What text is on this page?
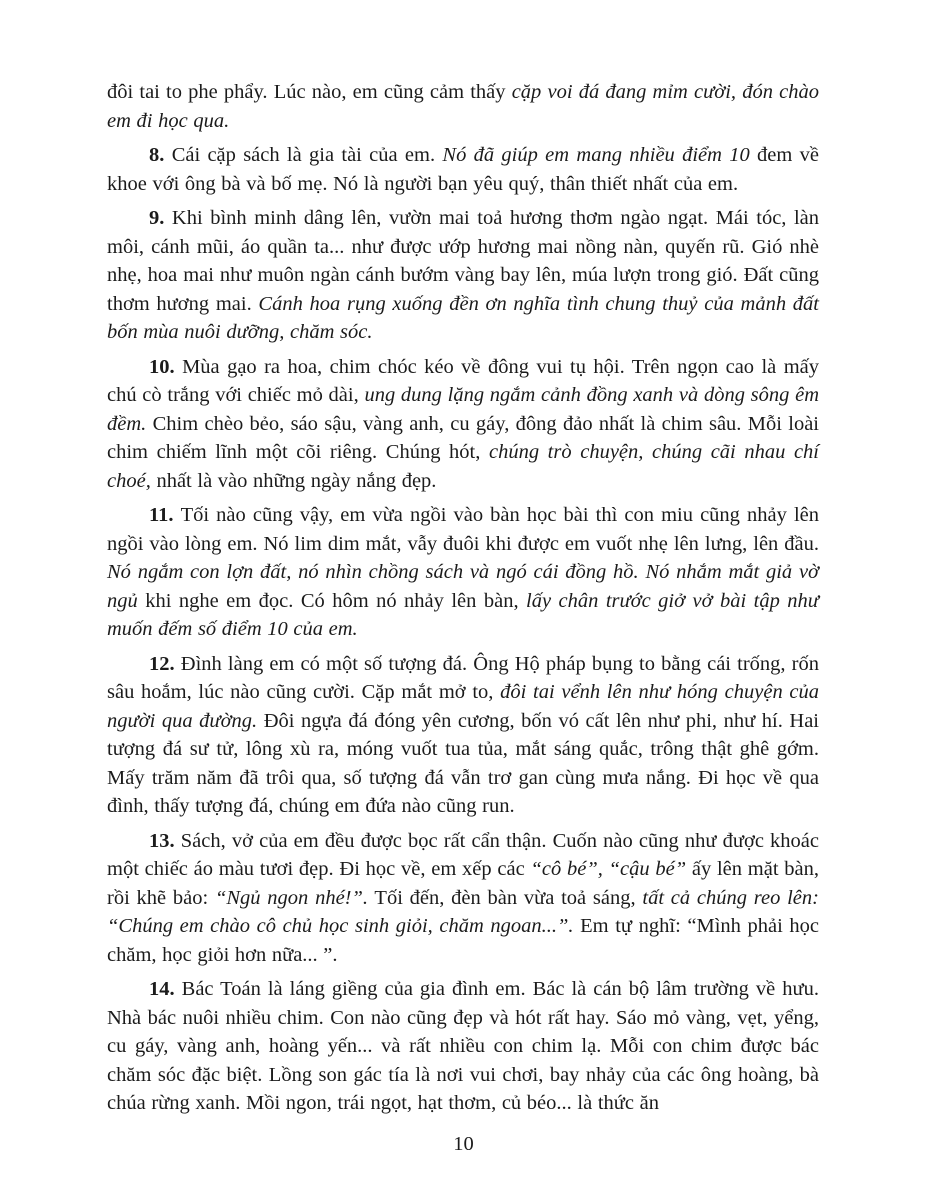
đôi tai to phe phẩy. Lúc nào, em cũng cảm thấy cặp voi đá đang mỉm cười, đón chào em đi học qua.

8. Cái cặp sách là gia tài của em. Nó đã giúp em mang nhiều điểm 10 đem về khoe với ông bà và bố mẹ. Nó là người bạn yêu quý, thân thiết nhất của em.

9. Khi bình minh dâng lên, vườn mai toả hương thơm ngào ngạt. Mái tóc, làn môi, cánh mũi, áo quần ta... như được ướp hương mai nồng nàn, quyến rũ. Gió nhè nhẹ, hoa mai như muôn ngàn cánh bướm vàng bay lên, múa lượn trong gió. Đất cũng thơm hương mai. Cánh hoa rụng xuống đền ơn nghĩa tình chung thuỷ của mảnh đất bốn mùa nuôi dưỡng, chăm sóc.

10. Mùa gạo ra hoa, chim chóc kéo về đông vui tụ hội. Trên ngọn cao là mấy chú cò trắng với chiếc mỏ dài, ung dung lặng ngắm cảnh đồng xanh và dòng sông êm đềm. Chim chèo bẻo, sáo sậu, vàng anh, cu gáy, đông đảo nhất là chim sâu. Mỗi loài chim chiếm lĩnh một cõi riêng. Chúng hót, chúng trò chuyện, chúng cãi nhau chí choé, nhất là vào những ngày nắng đẹp.

11. Tối nào cũng vậy, em vừa ngồi vào bàn học bài thì con miu cũng nhảy lên ngồi vào lòng em. Nó lim dim mắt, vẫy đuôi khi được em vuốt nhẹ lên lưng, lên đầu. Nó ngắm con lợn đất, nó nhìn chồng sách và ngó cái đồng hồ. Nó nhắm mắt giả vờ ngủ khi nghe em đọc. Có hôm nó nhảy lên bàn, lấy chân trước giở vở bài tập như muốn đếm số điểm 10 của em.

12. Đình làng em có một số tượng đá. Ông Hộ pháp bụng to bằng cái trống, rốn sâu hoắm, lúc nào cũng cười. Cặp mắt mở to, đôi tai vểnh lên như hóng chuyện của người qua đường. Đôi ngựa đá đóng yên cương, bốn vó cất lên như phi, như hí. Hai tượng đá sư tử, lông xù ra, móng vuốt tua tủa, mắt sáng quắc, trông thật ghê gớm. Mấy trăm năm đã trôi qua, số tượng đá vẫn trơ gan cùng mưa nắng. Đi học về qua đình, thấy tượng đá, chúng em đứa nào cũng run.

13. Sách, vở của em đều được bọc rất cẩn thận. Cuốn nào cũng như được khoác một chiếc áo màu tươi đẹp. Đi học về, em xếp các “cô bé”, “cậu bé” ấy lên mặt bàn, rồi khẽ bảo: “Ngủ ngon nhé!”. Tối đến, đèn bàn vừa toả sáng, tất cả chúng reo lên: “Chúng em chào cô chủ học sinh giỏi, chăm ngoan...”. Em tự nghĩ: “Mình phải học chăm, học giỏi hơn nữa... ”.

14. Bác Toán là láng giềng của gia đình em. Bác là cán bộ lâm trường về hưu. Nhà bác nuôi nhiều chim. Con nào cũng đẹp và hót rất hay. Sáo mỏ vàng, vẹt, yểng, cu gáy, vàng anh, hoàng yến... và rất nhiều con chim lạ. Mỗi con chim được bác chăm sóc đặc biệt. Lồng son gác tía là nơi vui chơi, bay nhảy của các ông hoàng, bà chúa rừng xanh. Mồi ngon, trái ngọt, hạt thơm, củ béo... là thức ăn

10
